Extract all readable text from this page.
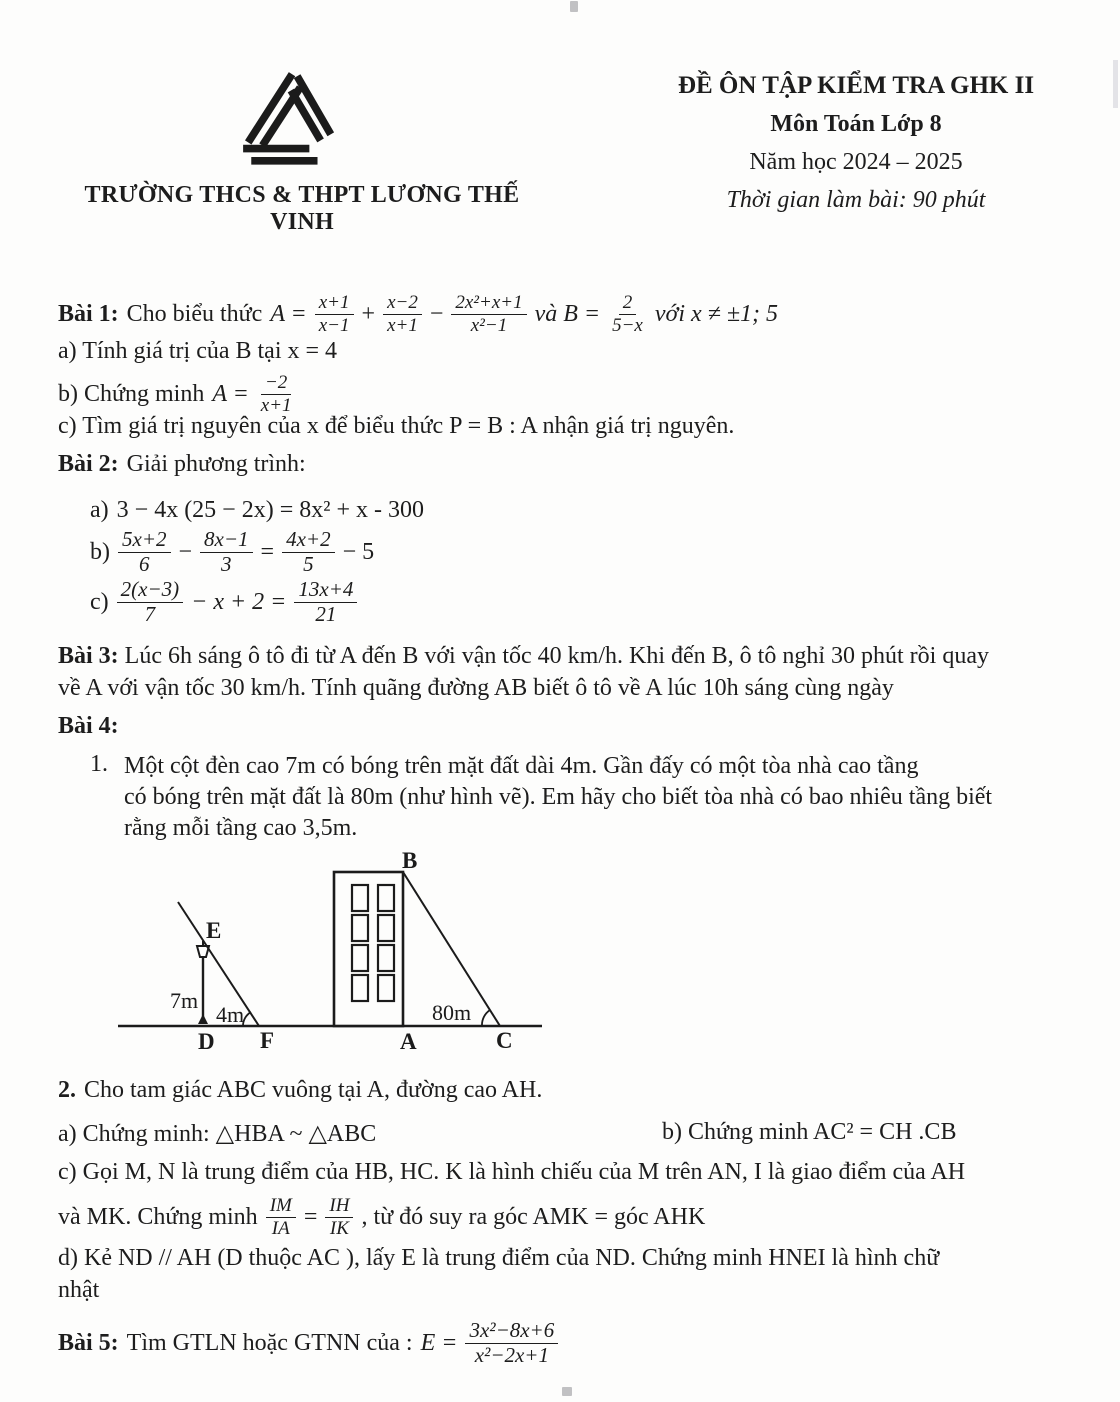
TRƯỜNG THCS & THPT LƯƠNG THẾ VINH
ĐỀ ÔN TẬP KIỂM TRA GHK II
Môn Toán Lớp 8
Năm học 2024 – 2025
Thời gian làm bài: 90 phút
Bài 1: Cho biểu thức $A = \frac{x+1}{x-1} + \frac{x-2}{x+1} - \frac{\text{2x²+x+1}}{\text{x²−1}}$ và $B = \frac{2}{5-x}$ với x ≠ ±1; 5
a) Tính giá trị của B tại x = 4
b) Chứng minh $A = \frac{-2}{x+1}$
c) Tìm giá trị nguyên của x để biểu thức P = B : A nhận giá trị nguyên.
Bài 2: Giải phương trình:
a) 3 − 4x (25 − 2x) = 8x² + x - 300
$b) \frac{5x+2}{6} - \frac{8x-1}{3} = \frac{4x+2}{5} - 5$
$c) \frac{2(x-3)}{7} - x + 2 = \frac{13x+4}{21}$
Bài 3: Lúc 6h sáng ô tô đi từ A đến B với vận tốc 40 km/h. Khi đến B, ô tô nghỉ 30 phút rồi quay
về A với vận tốc 30 km/h. Tính quãng đường AB biết ô tô về A lúc 10h sáng cùng ngày
Bài 4:
1. Một cột đèn cao 7m có bóng trên mặt đất dài 4m. Gần đấy có một tòa nhà cao tầng
có bóng trên mặt đất là 80m (như hình vẽ). Em hãy cho biết tòa nhà có bao nhiêu tầng biết
rằng mỗi tầng cao 3,5m.
E
B
7m
4m	80m
D F	A	C
2. Cho tam giác ABC vuông tại A, đường cao AH.
a) Chứng minh: △HBA ~ △ABC	b) Chứng minh AC² = CH .CB
c) Gọi M, N là trung điểm của HB, HC. K là hình chiếu của M trên AN, I là giao điểm của AH
và MK. Chứng minh $\frac{IM}{IA} = \frac{IH}{IK}$ , từ đó suy ra góc AMK = góc AHK
d) Kẻ ND // AH (D thuộc AC ), lấy E là trung điểm của ND. Chứng minh HNEI là hình chữ
nhật
Bài 5: Tìm GTLN hoặc GTNN của : $E = \frac{\text{3x²−8x+6}}{\text{x²−2x+1}}$
